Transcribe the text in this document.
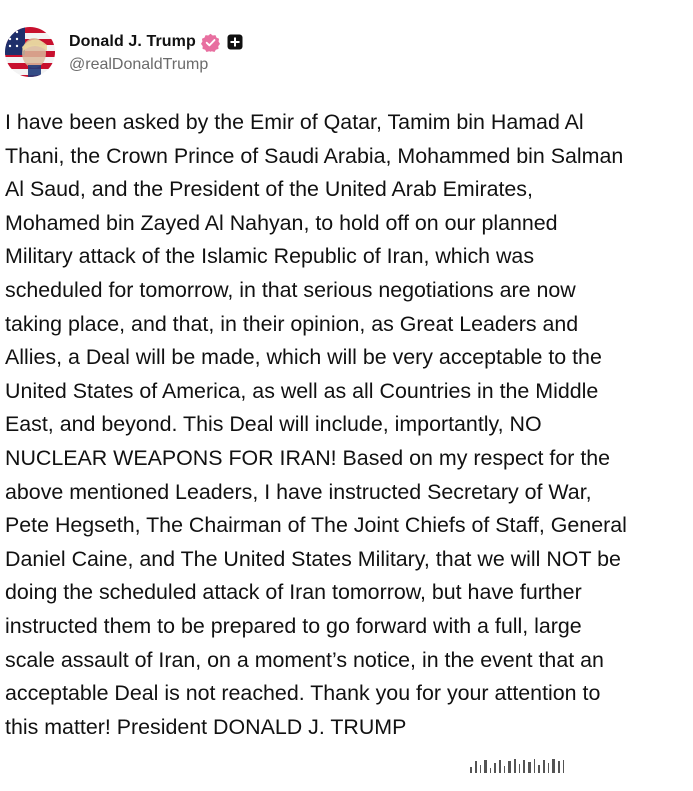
Donald J. Trump
@realDonaldTrump
I have been asked by the Emir of Qatar, Tamim bin Hamad Al
Thani, the Crown Prince of Saudi Arabia, Mohammed bin Salman
Al Saud, and the President of the United Arab Emirates,
Mohamed bin Zayed Al Nahyan, to hold off on our planned
Military attack of the Islamic Republic of Iran, which was
scheduled for tomorrow, in that serious negotiations are now
taking place, and that, in their opinion, as Great Leaders and
Allies, a Deal will be made, which will be very acceptable to the
United States of America, as well as all Countries in the Middle
East, and beyond. This Deal will include, importantly, NO
NUCLEAR WEAPONS FOR IRAN! Based on my respect for the
above mentioned Leaders, I have instructed Secretary of War,
Pete Hegseth, The Chairman of The Joint Chiefs of Staff, General
Daniel Caine, and The United States Military, that we will NOT be
doing the scheduled attack of Iran tomorrow, but have further
instructed them to be prepared to go forward with a full, large
scale assault of Iran, on a moment’s notice, in the event that an
acceptable Deal is not reached. Thank you for your attention to
this matter! President DONALD J. TRUMP
